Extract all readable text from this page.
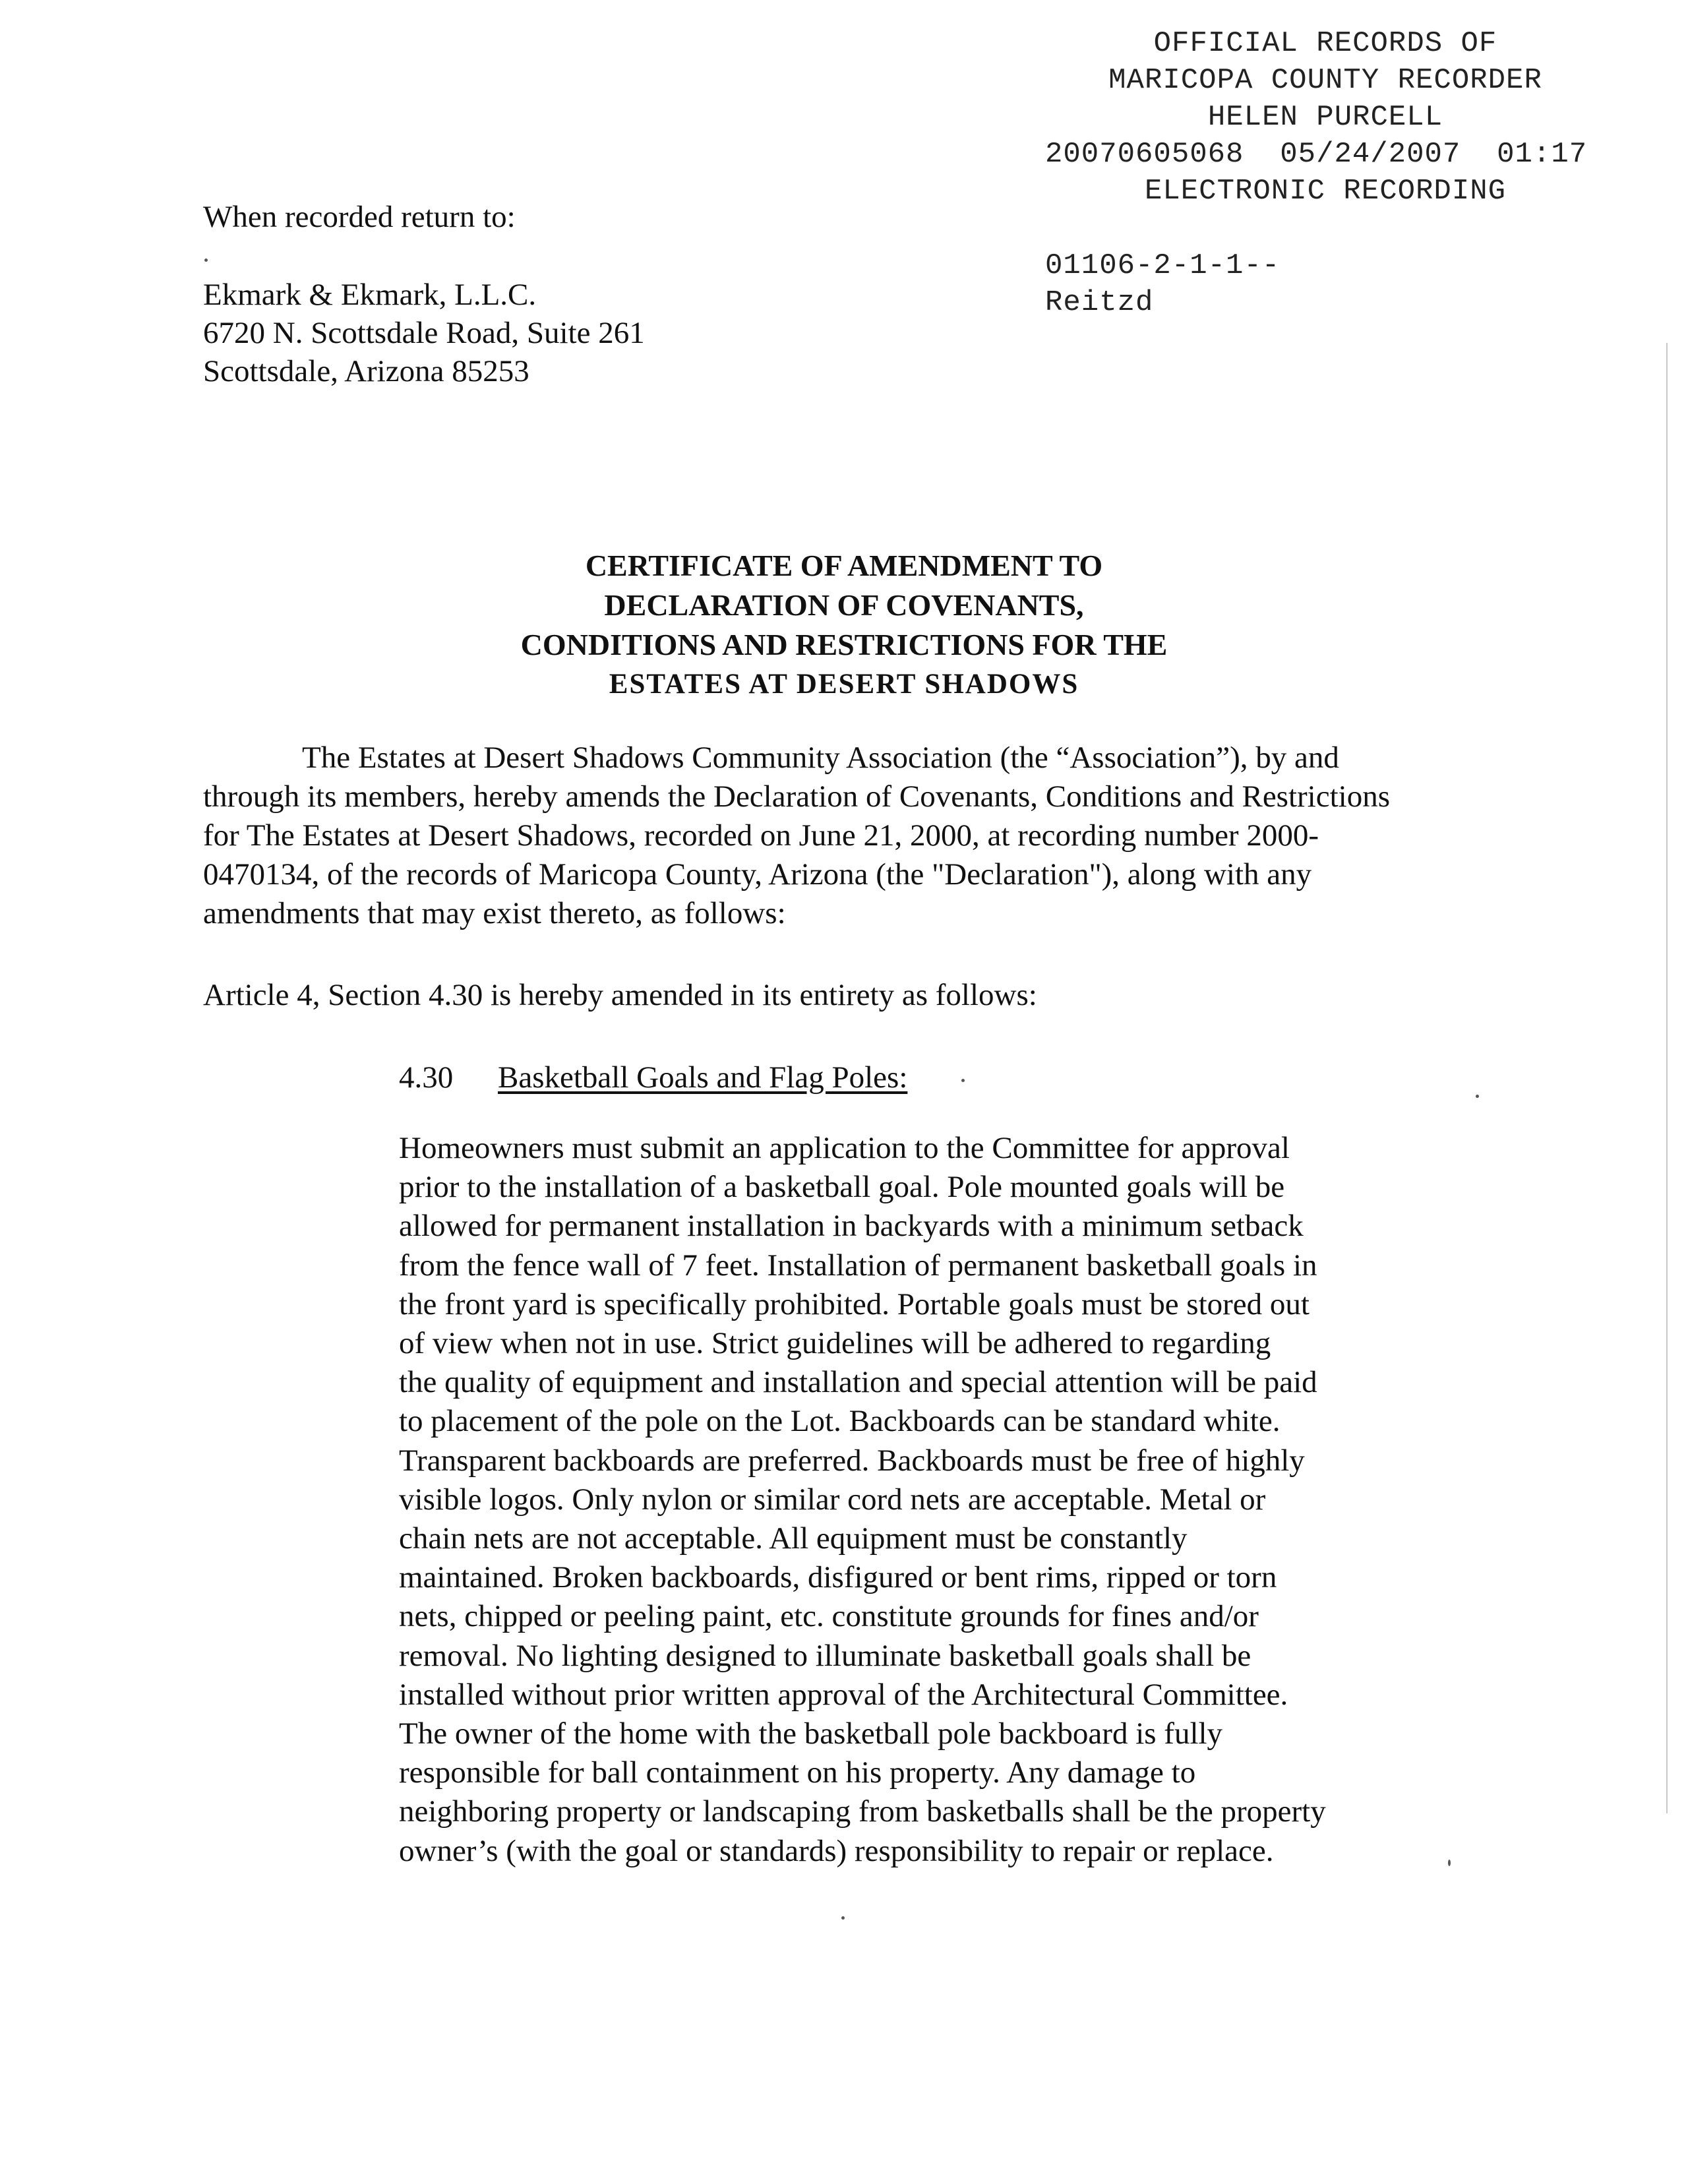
OFFICIAL RECORDS OF
MARICOPA COUNTY RECORDER
HELEN PURCELL
20070605068  05/24/2007  01:17
ELECTRONIC RECORDING
01106-2-1-1--
Reitzd
When recorded return to:
Ekmark & Ekmark, L.L.C.
6720 N. Scottsdale Road, Suite 261
Scottsdale, Arizona 85253
CERTIFICATE OF AMENDMENT TO
DECLARATION OF COVENANTS,
CONDITIONS AND RESTRICTIONS FOR THE
ESTATES AT DESERT SHADOWS
The Estates at Desert Shadows Community Association (the “Association”), by and
through its members, hereby amends the Declaration of Covenants, Conditions and Restrictions
for The Estates at Desert Shadows, recorded on June 21, 2000, at recording number 2000-
0470134, of the records of Maricopa County, Arizona (the "Declaration"), along with any
amendments that may exist thereto, as follows:
Article 4, Section 4.30 is hereby amended in its entirety as follows:
4.30 Basketball Goals and Flag Poles:
Homeowners must submit an application to the Committee for approval
prior to the installation of a basketball goal. Pole mounted goals will be
allowed for permanent installation in backyards with a minimum setback
from the fence wall of 7 feet. Installation of permanent basketball goals in
the front yard is specifically prohibited. Portable goals must be stored out
of view when not in use. Strict guidelines will be adhered to regarding
the quality of equipment and installation and special attention will be paid
to placement of the pole on the Lot. Backboards can be standard white.
Transparent backboards are preferred. Backboards must be free of highly
visible logos. Only nylon or similar cord nets are acceptable. Metal or
chain nets are not acceptable. All equipment must be constantly
maintained. Broken backboards, disfigured or bent rims, ripped or torn
nets, chipped or peeling paint, etc. constitute grounds for fines and/or
removal. No lighting designed to illuminate basketball goals shall be
installed without prior written approval of the Architectural Committee.
The owner of the home with the basketball pole backboard is fully
responsible for ball containment on his property. Any damage to
neighboring property or landscaping from basketballs shall be the property
owner’s (with the goal or standards) responsibility to repair or replace.
